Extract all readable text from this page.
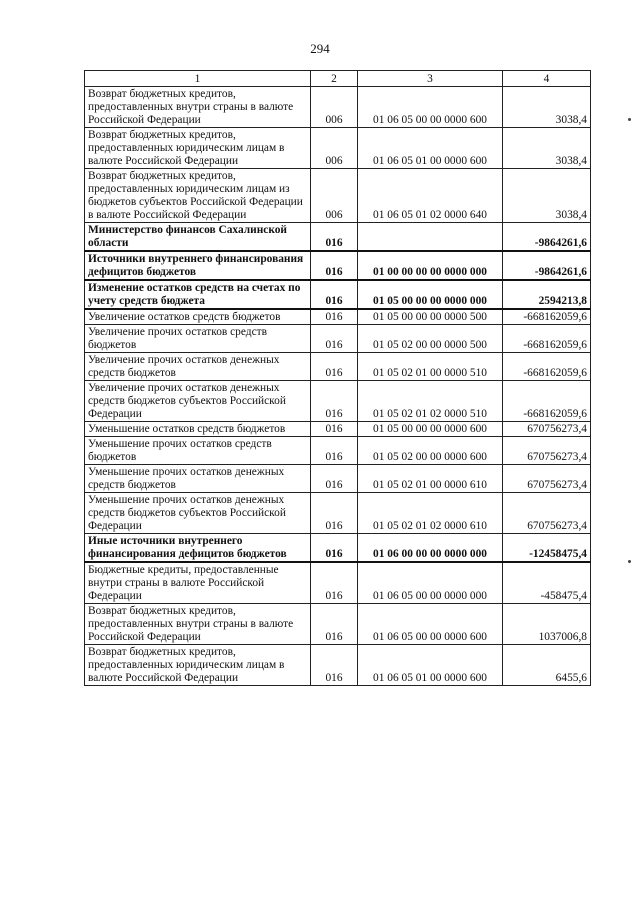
294
1	2	3	4
Возврат бюджетных кредитов, предоставленных внутри страны в валюте Российской Федерации	006	01 06 05 00 00 0000 600	3038,4
Возврат бюджетных кредитов, предоставленных юридическим лицам в валюте Российской Федерации	006	01 06 05 01 00 0000 600	3038,4
Возврат бюджетных кредитов, предоставленных юридическим лицам из бюджетов субъектов Российской Федерации в валюте Российской Федерации	006	01 06 05 01 02 0000 640	3038,4
Министерство финансов Сахалинской области	016		-9864261,6
Источники внутреннего финансирования дефицитов бюджетов	016	01 00 00 00 00 0000 000	-9864261,6
Изменение остатков средств на счетах по учету средств бюджета	016	01 05 00 00 00 0000 000	2594213,8
Увеличение остатков средств бюджетов	016	01 05 00 00 00 0000 500	-668162059,6
Увеличение прочих остатков средств бюджетов	016	01 05 02 00 00 0000 500	-668162059,6
Увеличение прочих остатков денежных средств бюджетов	016	01 05 02 01 00 0000 510	-668162059,6
Увеличение прочих остатков денежных средств бюджетов субъектов Российской Федерации	016	01 05 02 01 02 0000 510	-668162059,6
Уменьшение остатков средств бюджетов	016	01 05 00 00 00 0000 600	670756273,4
Уменьшение прочих остатков средств бюджетов	016	01 05 02 00 00 0000 600	670756273,4
Уменьшение прочих остатков денежных средств бюджетов	016	01 05 02 01 00 0000 610	670756273,4
Уменьшение прочих остатков денежных средств бюджетов субъектов Российской Федерации	016	01 05 02 01 02 0000 610	670756273,4
Иные источники внутреннего финансирования дефицитов бюджетов	016	01 06 00 00 00 0000 000	-12458475,4
Бюджетные кредиты, предоставленные внутри страны в валюте Российской Федерации	016	01 06 05 00 00 0000 000	-458475,4
Возврат бюджетных кредитов, предоставленных внутри страны в валюте Российской Федерации	016	01 06 05 00 00 0000 600	1037006,8
Возврат бюджетных кредитов, предоставленных юридическим лицам в валюте Российской Федерации	016	01 06 05 01 00 0000 600	6455,6
